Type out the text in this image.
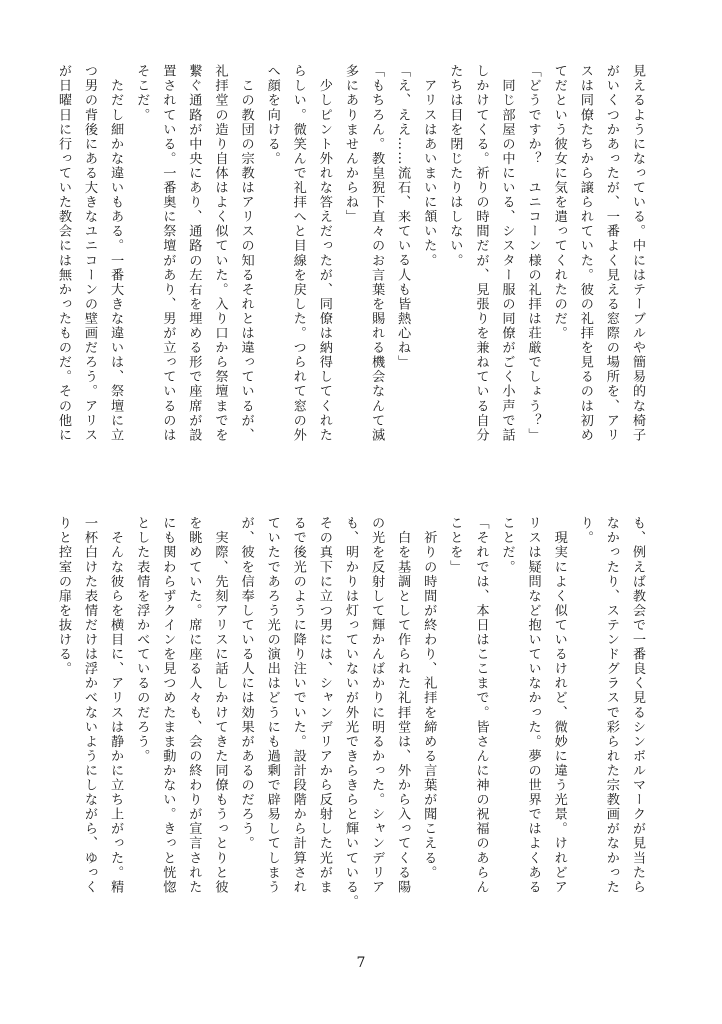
見えるようになっている。中にはテーブルや簡易的な椅子
がいくつかあったが、一番よく見える窓際の場所を、アリ
スは同僚たちから譲られていた。彼の礼拝を見るのは初め
てだという彼女に気を遣ってくれたのだ。
「どうですか？　ユニコーン様の礼拝は荘厳でしょう？」
　同じ部屋の中にいる、シスター服の同僚がごく小声で話
しかけてくる。祈りの時間だが、見張りを兼ねている自分
たちは目を閉じたりはしない。
　アリスはあいまいに頷いた。
「え、ええ……流石、来ている人も皆熱心ね」
「もちろん。教皇猊下直々のお言葉を賜れる機会なんて滅
多にありませんからね」
　少しピント外れな答えだったが、同僚は納得してくれた
らしい。微笑んで礼拝へと目線を戻した。つられて窓の外
へ顔を向ける。
　この教団の宗教はアリスの知るそれとは違っているが、
礼拝堂の造り自体はよく似ていた。入り口から祭壇までを
繋ぐ通路が中央にあり、通路の左右を埋める形で座席が設
置されている。一番奥に祭壇があり、男が立っているのは
そこだ。
　ただし細かな違いもある。一番大きな違いは、祭壇に立
つ男の背後にある大きなユニコーンの壁画だろう。アリス
が日曜日に行っていた教会には無かったものだ。その他に
も、例えば教会で一番良く見るシンボルマークが見当たら
なかったり、ステンドグラスで彩られた宗教画がなかった
り。
　現実によく似ているけれど、微妙に違う光景。けれどア
リスは疑問など抱いていなかった。夢の世界ではよくある
ことだ。
「それでは、本日はここまで。皆さんに神の祝福のあらん
ことを」
　祈りの時間が終わり、礼拝を締める言葉が聞こえる。
　白を基調として作られた礼拝堂は、外から入ってくる陽
の光を反射して輝かんばかりに明るかった。シャンデリア
も、明かりは灯っていないが外光できらきらと輝いている。
その真下に立つ男には、シャンデリアから反射した光がま
るで後光のように降り注いでいた。設計段階から計算され
ていたであろう光の演出はどうにも過剰で辟易してしまう
が、彼を信奉している人には効果があるのだろう。
　実際、先刻アリスに話しかけてきた同僚もうっとりと彼
を眺めていた。席に座る人々も、会の終わりが宣言された
にも関わらずクインを見つめたまま動かない。きっと恍惚
とした表情を浮かべているのだろう。
　そんな彼らを横目に、アリスは静かに立ち上がった。精
一杯白けた表情だけは浮かべないようにしながら、ゆっく
りと控室の扉を抜ける。
7
